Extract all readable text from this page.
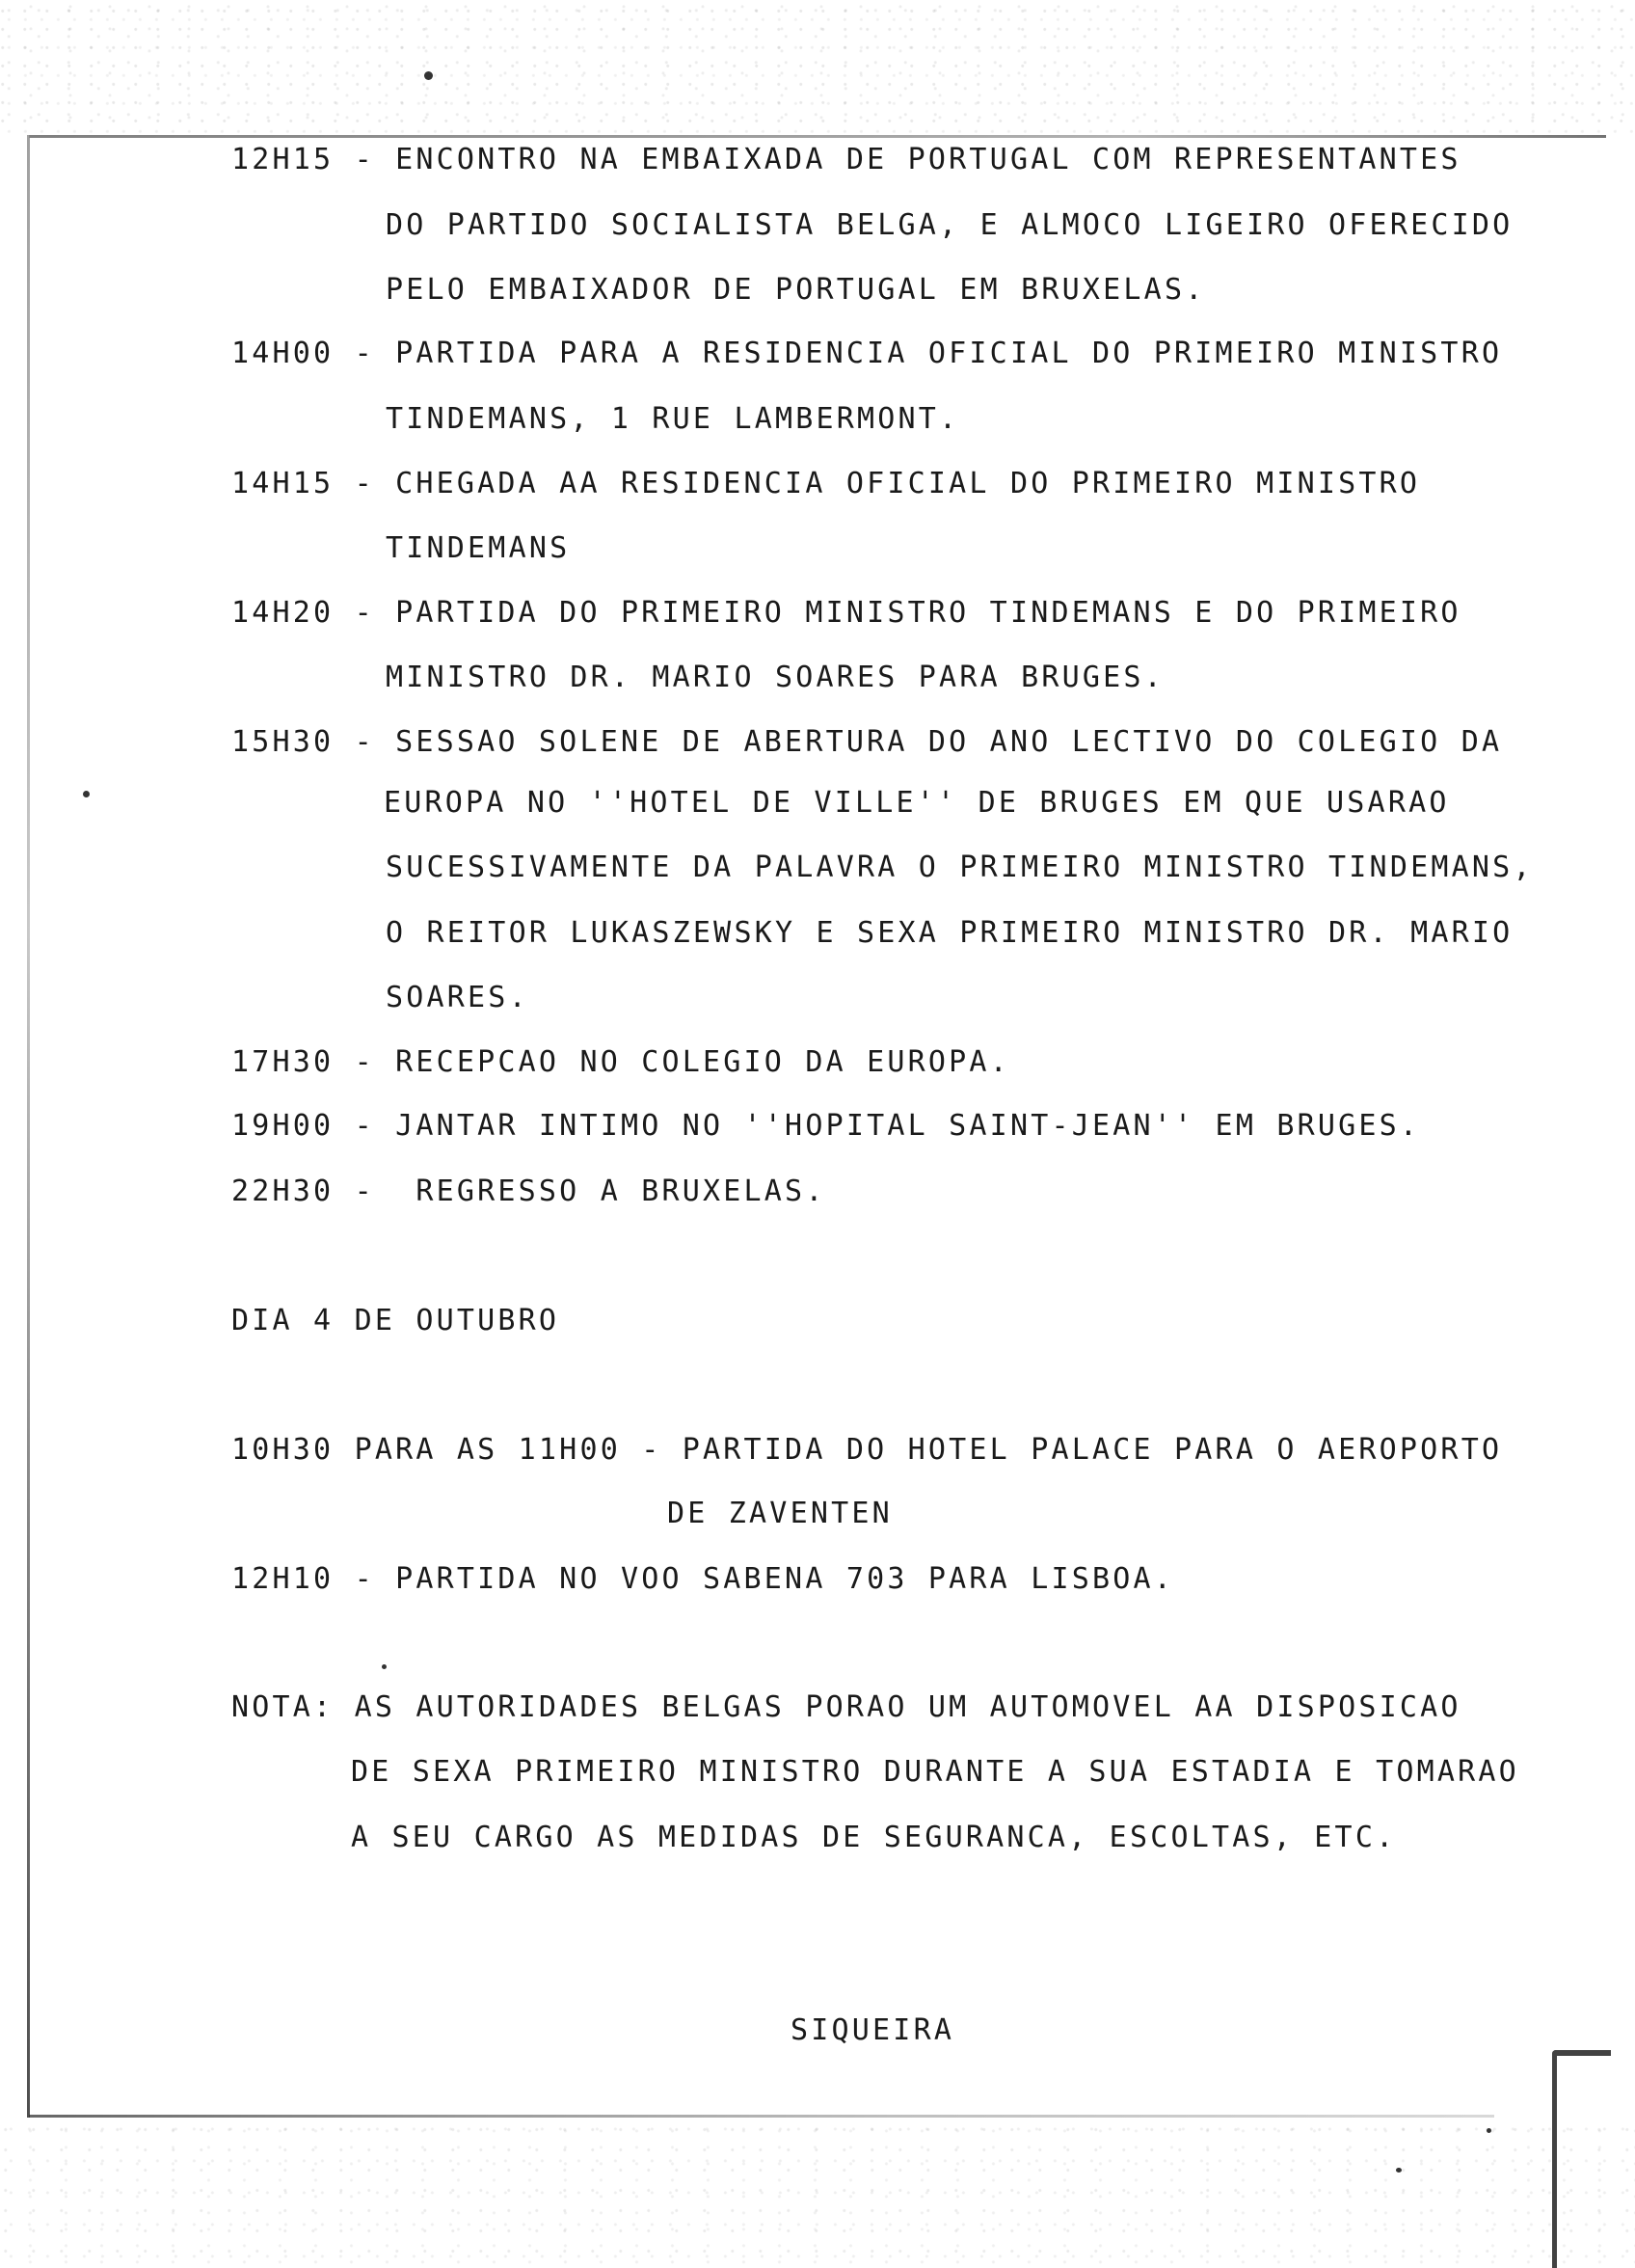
12H15 - ENCONTRO NA EMBAIXADA DE PORTUGAL COM REPRESENTANTES
DO PARTIDO SOCIALISTA BELGA, E ALMOCO LIGEIRO OFERECIDO
PELO EMBAIXADOR DE PORTUGAL EM BRUXELAS.
14H00 - PARTIDA PARA A RESIDENCIA OFICIAL DO PRIMEIRO MINISTRO
TINDEMANS, 1 RUE LAMBERMONT.
14H15 - CHEGADA AA RESIDENCIA OFICIAL DO PRIMEIRO MINISTRO
TINDEMANS
14H20 - PARTIDA DO PRIMEIRO MINISTRO TINDEMANS E DO PRIMEIRO
MINISTRO DR. MARIO SOARES PARA BRUGES.
15H30 - SESSAO SOLENE DE ABERTURA DO ANO LECTIVO DO COLEGIO DA
EUROPA NO ''HOTEL DE VILLE'' DE BRUGES EM QUE USARAO
SUCESSIVAMENTE DA PALAVRA O PRIMEIRO MINISTRO TINDEMANS,
O REITOR LUKASZEWSKY E SEXA PRIMEIRO MINISTRO DR. MARIO
SOARES.
17H30 - RECEPCAO NO COLEGIO DA EUROPA.
19H00 - JANTAR INTIMO NO ''HOPITAL SAINT-JEAN'' EM BRUGES.
22H30 -  REGRESSO A BRUXELAS.
DIA 4 DE OUTUBRO
10H30 PARA AS 11H00 - PARTIDA DO HOTEL PALACE PARA O AEROPORTO
DE ZAVENTEN
12H10 - PARTIDA NO VOO SABENA 703 PARA LISBOA.
NOTA: AS AUTORIDADES BELGAS PORAO UM AUTOMOVEL AA DISPOSICAO
DE SEXA PRIMEIRO MINISTRO DURANTE A SUA ESTADIA E TOMARAO
A SEU CARGO AS MEDIDAS DE SEGURANCA, ESCOLTAS, ETC.
SIQUEIRA
